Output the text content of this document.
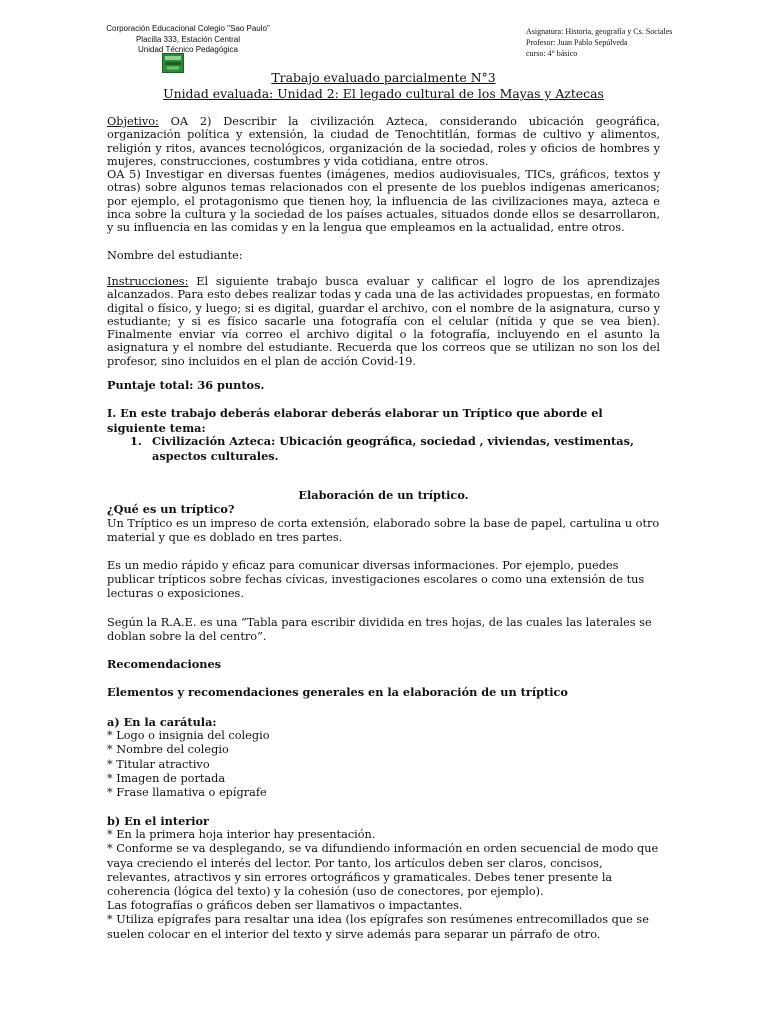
Corporación Educacional Colegio "Sao Paulo"
Placilla 333, Estación Central
Unidad Técnico Pedagógica
Asignatura: Historia, geografía y Cs. Sociales
Profesor: Juan Pablo Sepúlveda
curso: 4° básico
Trabajo evaluado parcialmente N°3
Unidad evaluada: Unidad 2: El legado cultural de los Mayas y Aztecas

Objetivo: OA 2) Describir la civilización Azteca, considerando ubicación geográfica, organización política y extensión, la ciudad de Tenochtitlán, formas de cultivo y alimentos, religión y ritos, avances tecnológicos, organización de la sociedad, roles y oficios de hombres y mujeres, construcciones, costumbres y vida cotidiana, entre otros.

OA 5) Investigar en diversas fuentes (imágenes, medios audiovisuales, TICs, gráficos, textos y otras) sobre algunos temas relacionados con el presente de los pueblos indígenas americanos; por ejemplo, el protagonismo que tienen hoy, la influencia de las civilizaciones maya, azteca e inca sobre la cultura y la sociedad de los países actuales, situados donde ellos se desarrollaron, y su influencia en las comidas y en la lengua que empleamos en la actualidad, entre otros.

Nombre del estudiante:

Instrucciones: El siguiente trabajo busca evaluar y calificar el logro de los aprendizajes alcanzados. Para esto debes realizar todas y cada una de las actividades propuestas, en formato digital o físico, y luego; si es digital, guardar el archivo, con el nombre de la asignatura, curso y estudiante; y si es físico sacarle una fotografía con el celular (nítida y que se vea bien). Finalmente enviar vía correo el archivo digital o la fotografía, incluyendo en el asunto la asignatura y el nombre del estudiante. Recuerda que los correos que se utilizan no son los del profesor, sino incluidos en el plan de acción Covid-19.

Puntaje total: 36 puntos.
I. En este trabajo deberás elaborar deberás elaborar un Tríptico que aborde el siguiente tema:
1. Civilización Azteca: Ubicación geográfica, sociedad , viviendas, vestimentas, aspectos culturales.
Elaboración de un tríptico.
¿Qué es un tríptico?
Un Tríptico es un impreso de corta extensión, elaborado sobre la base de papel, cartulina u otro material y que es doblado en tres partes.
Es un medio rápido y eficaz para comunicar diversas informaciones. Por ejemplo, puedes publicar trípticos sobre fechas cívicas, investigaciones escolares o como una extensión de tus lecturas o exposiciones.
Según la R.A.E. es una “Tabla para escribir dividida en tres hojas, de las cuales las laterales se doblan sobre la del centro”.
Recomendaciones
Elementos y recomendaciones generales en la elaboración de un tríptico

a) En la carátula:

* Logo o insignia del colegio

* Nombre del colegio

* Titular atractivo

* Imagen de portada

* Frase llamativa o epígrafe

b) En el interior

* En la primera hoja interior hay presentación.

* Conforme se va desplegando, se va difundiendo información en orden secuencial de modo que vaya creciendo el interés del lector. Por tanto, los artículos deben ser claros, concisos, relevantes, atractivos y sin errores ortográficos y gramaticales. Debes tener presente la coherencia (lógica del texto) y la cohesión (uso de conectores, por ejemplo).

Las fotografías o gráficos deben ser llamativos o impactantes.

* Utiliza epígrafes para resaltar una idea (los epígrafes son resúmenes entrecomillados que se suelen colocar en el interior del texto y sirve además para separar un párrafo de otro.
